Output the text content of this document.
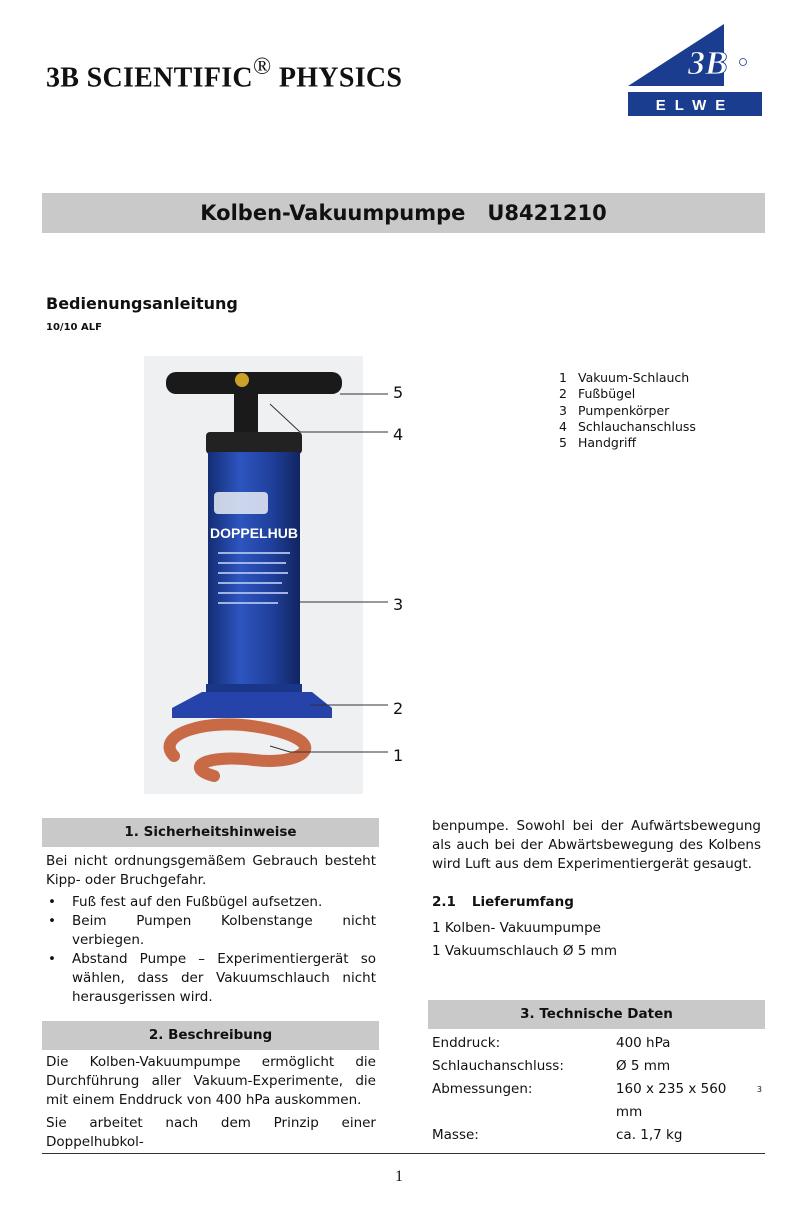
3B SCIENTIFIC® PHYSICS	3B
ELWE
Kolben-Vakuumpumpe U8421210
Bedienungsanleitung
10/10 ALF
DOPPELHUB
5
4
3
2
1
1 Vakuum-Schlauch
2 Fußbügel
3 Pumpenkörper
4 Schlauchanschluss
5 Handgriff
1. Sicherheitshinweise
Bei nicht ordnungsgemäßem Gebrauch besteht Kipp- oder Bruchgefahr.
• Fuß fest auf den Fußbügel aufsetzen.
• Beim Pumpen Kolbenstange nicht verbiegen.
• Abstand Pumpe – Experimentiergerät so wählen, dass der Vakuumschlauch nicht herausgerissen wird.
2. Beschreibung
Die Kolben-Vakuumpumpe ermöglicht die Durchführung aller Vakuum-Experimente, die mit einem Enddruck von 400 hPa auskommen.
Sie arbeitet nach dem Prinzip einer Doppelhubkol-
benpumpe. Sowohl bei der Aufwärtsbewegung als auch bei der Abwärtsbewegung des Kolbens wird Luft aus dem Experimentiergerät gesaugt.
2.1 Lieferumfang
1 Kolben- Vakuumpumpe
1 Vakuumschlauch Ø 5 mm
3. Technische Daten
Enddruck:	400 hPa
Schlauchanschluss:	Ø 5 mm
Abmessungen:	160 x 235 x 560 mm
3
Masse:	ca. 1,7 kg
1
